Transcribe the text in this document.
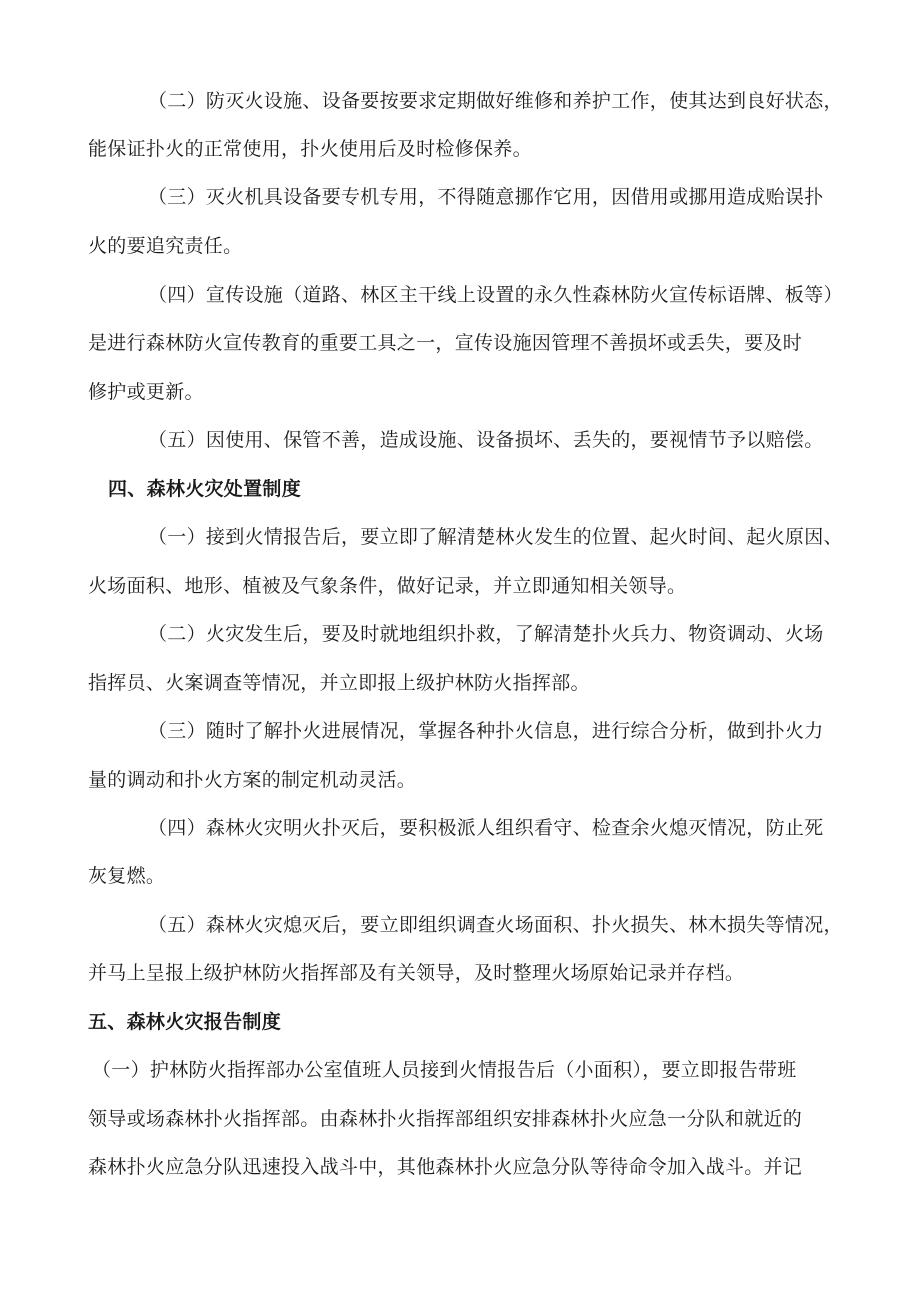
（二）防灭火设施、设备要按要求定期做好维修和养护工作，使其达到良好状态，
能保证扑火的正常使用，扑火使用后及时检修保养。
（三）灭火机具设备要专机专用，不得随意挪作它用，因借用或挪用造成贻误扑
火的要追究责任。
（四）宣传设施（道路、林区主干线上设置的永久性森林防火宣传标语牌、板等）
是进行森林防火宣传教育的重要工具之一，宣传设施因管理不善损坏或丢失，要及时
修护或更新。
（五）因使用、保管不善，造成设施、设备损坏、丢失的，要视情节予以赔偿。
四、森林火灾处置制度
（一）接到火情报告后，要立即了解清楚林火发生的位置、起火时间、起火原因、
火场面积、地形、植被及气象条件，做好记录，并立即通知相关领导。
（二）火灾发生后，要及时就地组织扑救，了解清楚扑火兵力、物资调动、火场
指挥员、火案调查等情况，并立即报上级护林防火指挥部。
（三）随时了解扑火进展情况，掌握各种扑火信息，进行综合分析，做到扑火力
量的调动和扑火方案的制定机动灵活。
（四）森林火灾明火扑灭后，要积极派人组织看守、检查余火熄灭情况，防止死
灰复燃。
（五）森林火灾熄灭后，要立即组织调查火场面积、扑火损失、林木损失等情况，
并马上呈报上级护林防火指挥部及有关领导，及时整理火场原始记录并存档。
五、森林火灾报告制度
（一）护林防火指挥部办公室值班人员接到火情报告后（小面积），要立即报告带班
领导或场森林扑火指挥部。由森林扑火指挥部组织安排森林扑火应急一分队和就近的
森林扑火应急分队迅速投入战斗中，其他森林扑火应急分队等待命令加入战斗。并记
